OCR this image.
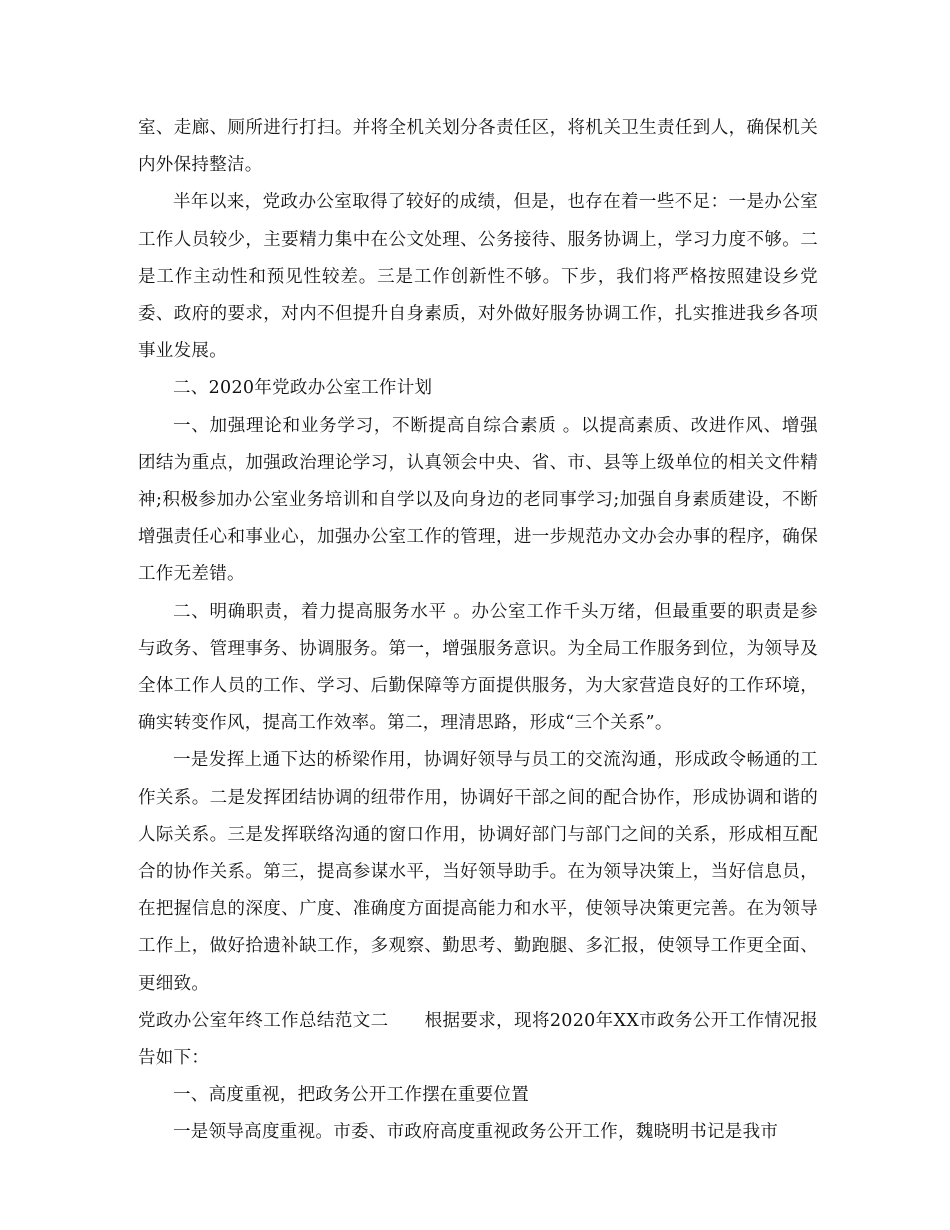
室、走廊、厕所进行打扫。并将全机关划分各责任区，将机关卫生责任到人，确保机关内外保持整洁。

半年以来，党政办公室取得了较好的成绩，但是，也存在着一些不足：一是办公室工作人员较少，主要精力集中在公文处理、公务接待、服务协调上，学习力度不够。二是工作主动性和预见性较差。三是工作创新性不够。下步，我们将严格按照建设乡党委、政府的要求，对内不但提升自身素质，对外做好服务协调工作，扎实推进我乡各项事业发展。

二、2020年党政办公室工作计划

一、加强理论和业务学习，不断提高自综合素质 。以提高素质、改进作风、增强团结为重点，加强政治理论学习，认真领会中央、省、市、县等上级单位的相关文件精神;积极参加办公室业务培训和自学以及向身边的老同事学习;加强自身素质建设，不断增强责任心和事业心，加强办公室工作的管理，进一步规范办文办会办事的程序，确保工作无差错。

二、明确职责，着力提高服务水平 。办公室工作千头万绪，但最重要的职责是参与政务、管理事务、协调服务。第一，增强服务意识。为全局工作服务到位，为领导及全体工作人员的工作、学习、后勤保障等方面提供服务，为大家营造良好的工作环境，确实转变作风，提高工作效率。第二，理清思路，形成“三个关系”。

一是发挥上通下达的桥梁作用，协调好领导与员工的交流沟通，形成政令畅通的工作关系。二是发挥团结协调的纽带作用，协调好干部之间的配合协作，形成协调和谐的人际关系。三是发挥联络沟通的窗口作用，协调好部门与部门之间的关系，形成相互配合的协作关系。第三，提高参谋水平，当好领导助手。在为领导决策上，当好信息员，在把握信息的深度、广度、准确度方面提高能力和水平，使领导决策更完善。在为领导工作上，做好拾遗补缺工作，多观察、勤思考、勤跑腿、多汇报，使领导工作更全面、更细致。

党政办公室年终工作总结范文二 根据要求，现将2020年XX市政务公开工作情况报告如下：

一、高度重视，把政务公开工作摆在重要位置

一是领导高度重视。市委、市政府高度重视政务公开工作，魏晓明书记是我市
